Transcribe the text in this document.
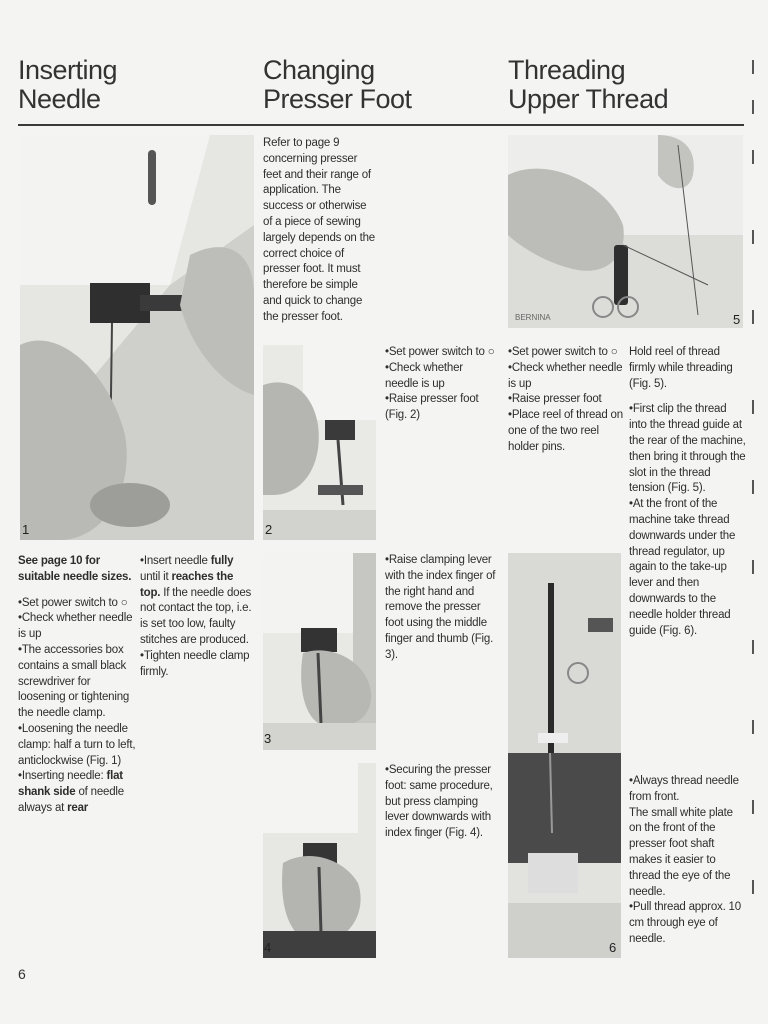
Inserting
Needle
Changing
Presser Foot
Threading
Upper Thread
1

See page 10 for suitable needle sizes.

•Set power switch to ○

•Check whether needle is up

•The accessories box contains a small black screwdriver for loosening or tightening the needle clamp.

•Loosening the needle clamp: half a turn to left, anticlockwise (Fig. 1)

•Inserting needle: flat shank side of needle always at rear

•Insert needle fully until it reaches the top. If the needle does not contact the top, i.e. is set too low, faulty stitches are produced.

•Tighten needle clamp firmly.

Refer to page 9 concerning presser feet and their range of application. The success or otherwise of a piece of sewing largely depends on the correct choice of presser foot. It must therefore be simple and quick to change the presser foot.

2

•Set power switch to ○

•Check whether needle is up

•Raise presser foot (Fig. 2)

3

•Raise clamping lever with the index finger of the right hand and remove the presser foot using the middle finger and thumb (Fig. 3).

4

•Securing the presser foot: same procedure, but press clamping lever downwards with index finger (Fig. 4).

BERNINA	5

•Set power switch to ○

•Check whether needle is up

•Raise presser foot

•Place reel of thread on one of the two reel holder pins.

Hold reel of thread firmly while threading (Fig. 5).

•First clip the thread into the thread guide at the rear of the machine, then bring it through the slot in the thread tension (Fig. 5).

•At the front of the machine take thread downwards under the thread regulator, up again to the take-up lever and then downwards to the needle holder thread guide (Fig. 6).

6

•Always thread needle from front.

The small white plate on the front of the presser foot shaft makes it easier to thread the eye of the needle.

•Pull thread approx. 10 cm through eye of needle.

6
